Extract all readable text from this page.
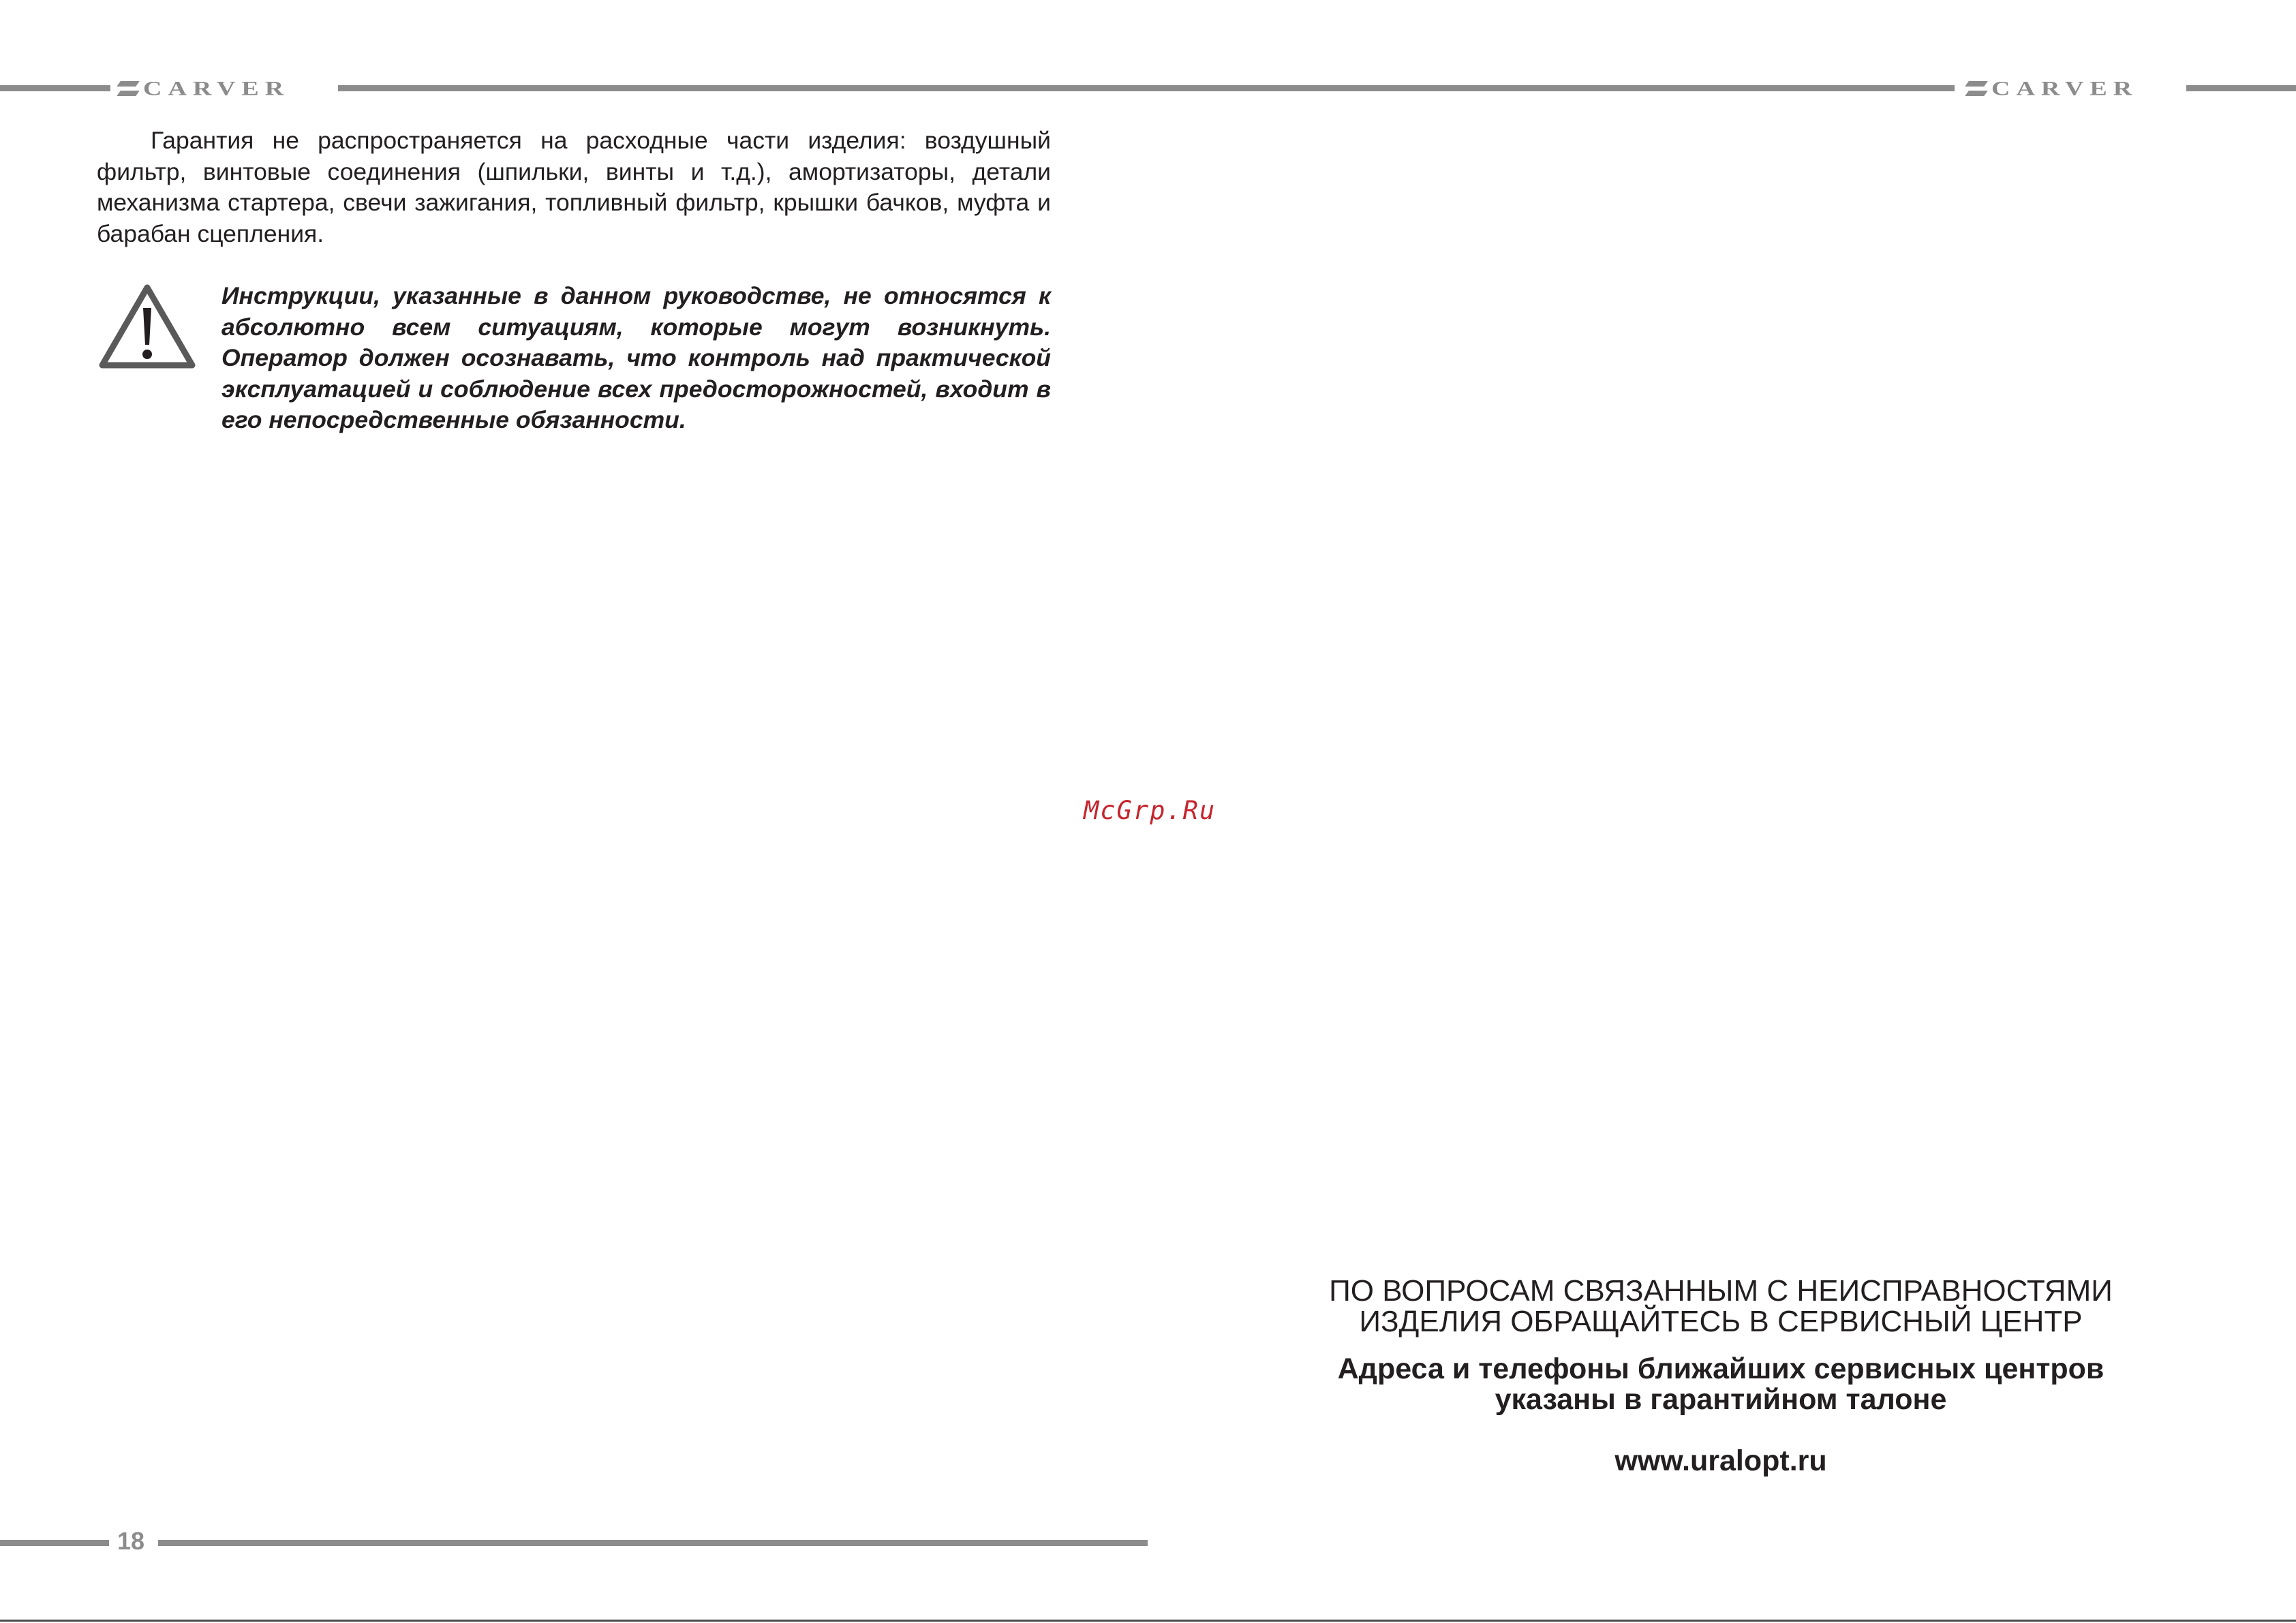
CARVER	CARVER

Гарантия не распространяется на расходные части изделия: воздушный фильтр, винтовые соединения (шпильки, винты и т.д.), амортизаторы, детали механизма стартера, свечи зажигания, топливный фильтр, крышки бачков, муфта и барабан сцепления.

Инструкции, указанные в данном руководстве, не относятся к абсолютно всем ситуациям, которые могут возникнуть. Оператор должен осознавать, что контроль над практической эксплуатацией и соблюдение всех предосторожностей, входит в его непосредственные обязанности.

McGrp.Ru
ПО ВОПРОСАМ СВЯЗАННЫМ С НЕИСПРАВНОСТЯМИ
ИЗДЕЛИЯ ОБРАЩАЙТЕСЬ В СЕРВИСНЫЙ ЦЕНТР
Адреса и телефоны ближайших сервисных центров
указаны в гарантийном талоне
www.uralopt.ru
18
